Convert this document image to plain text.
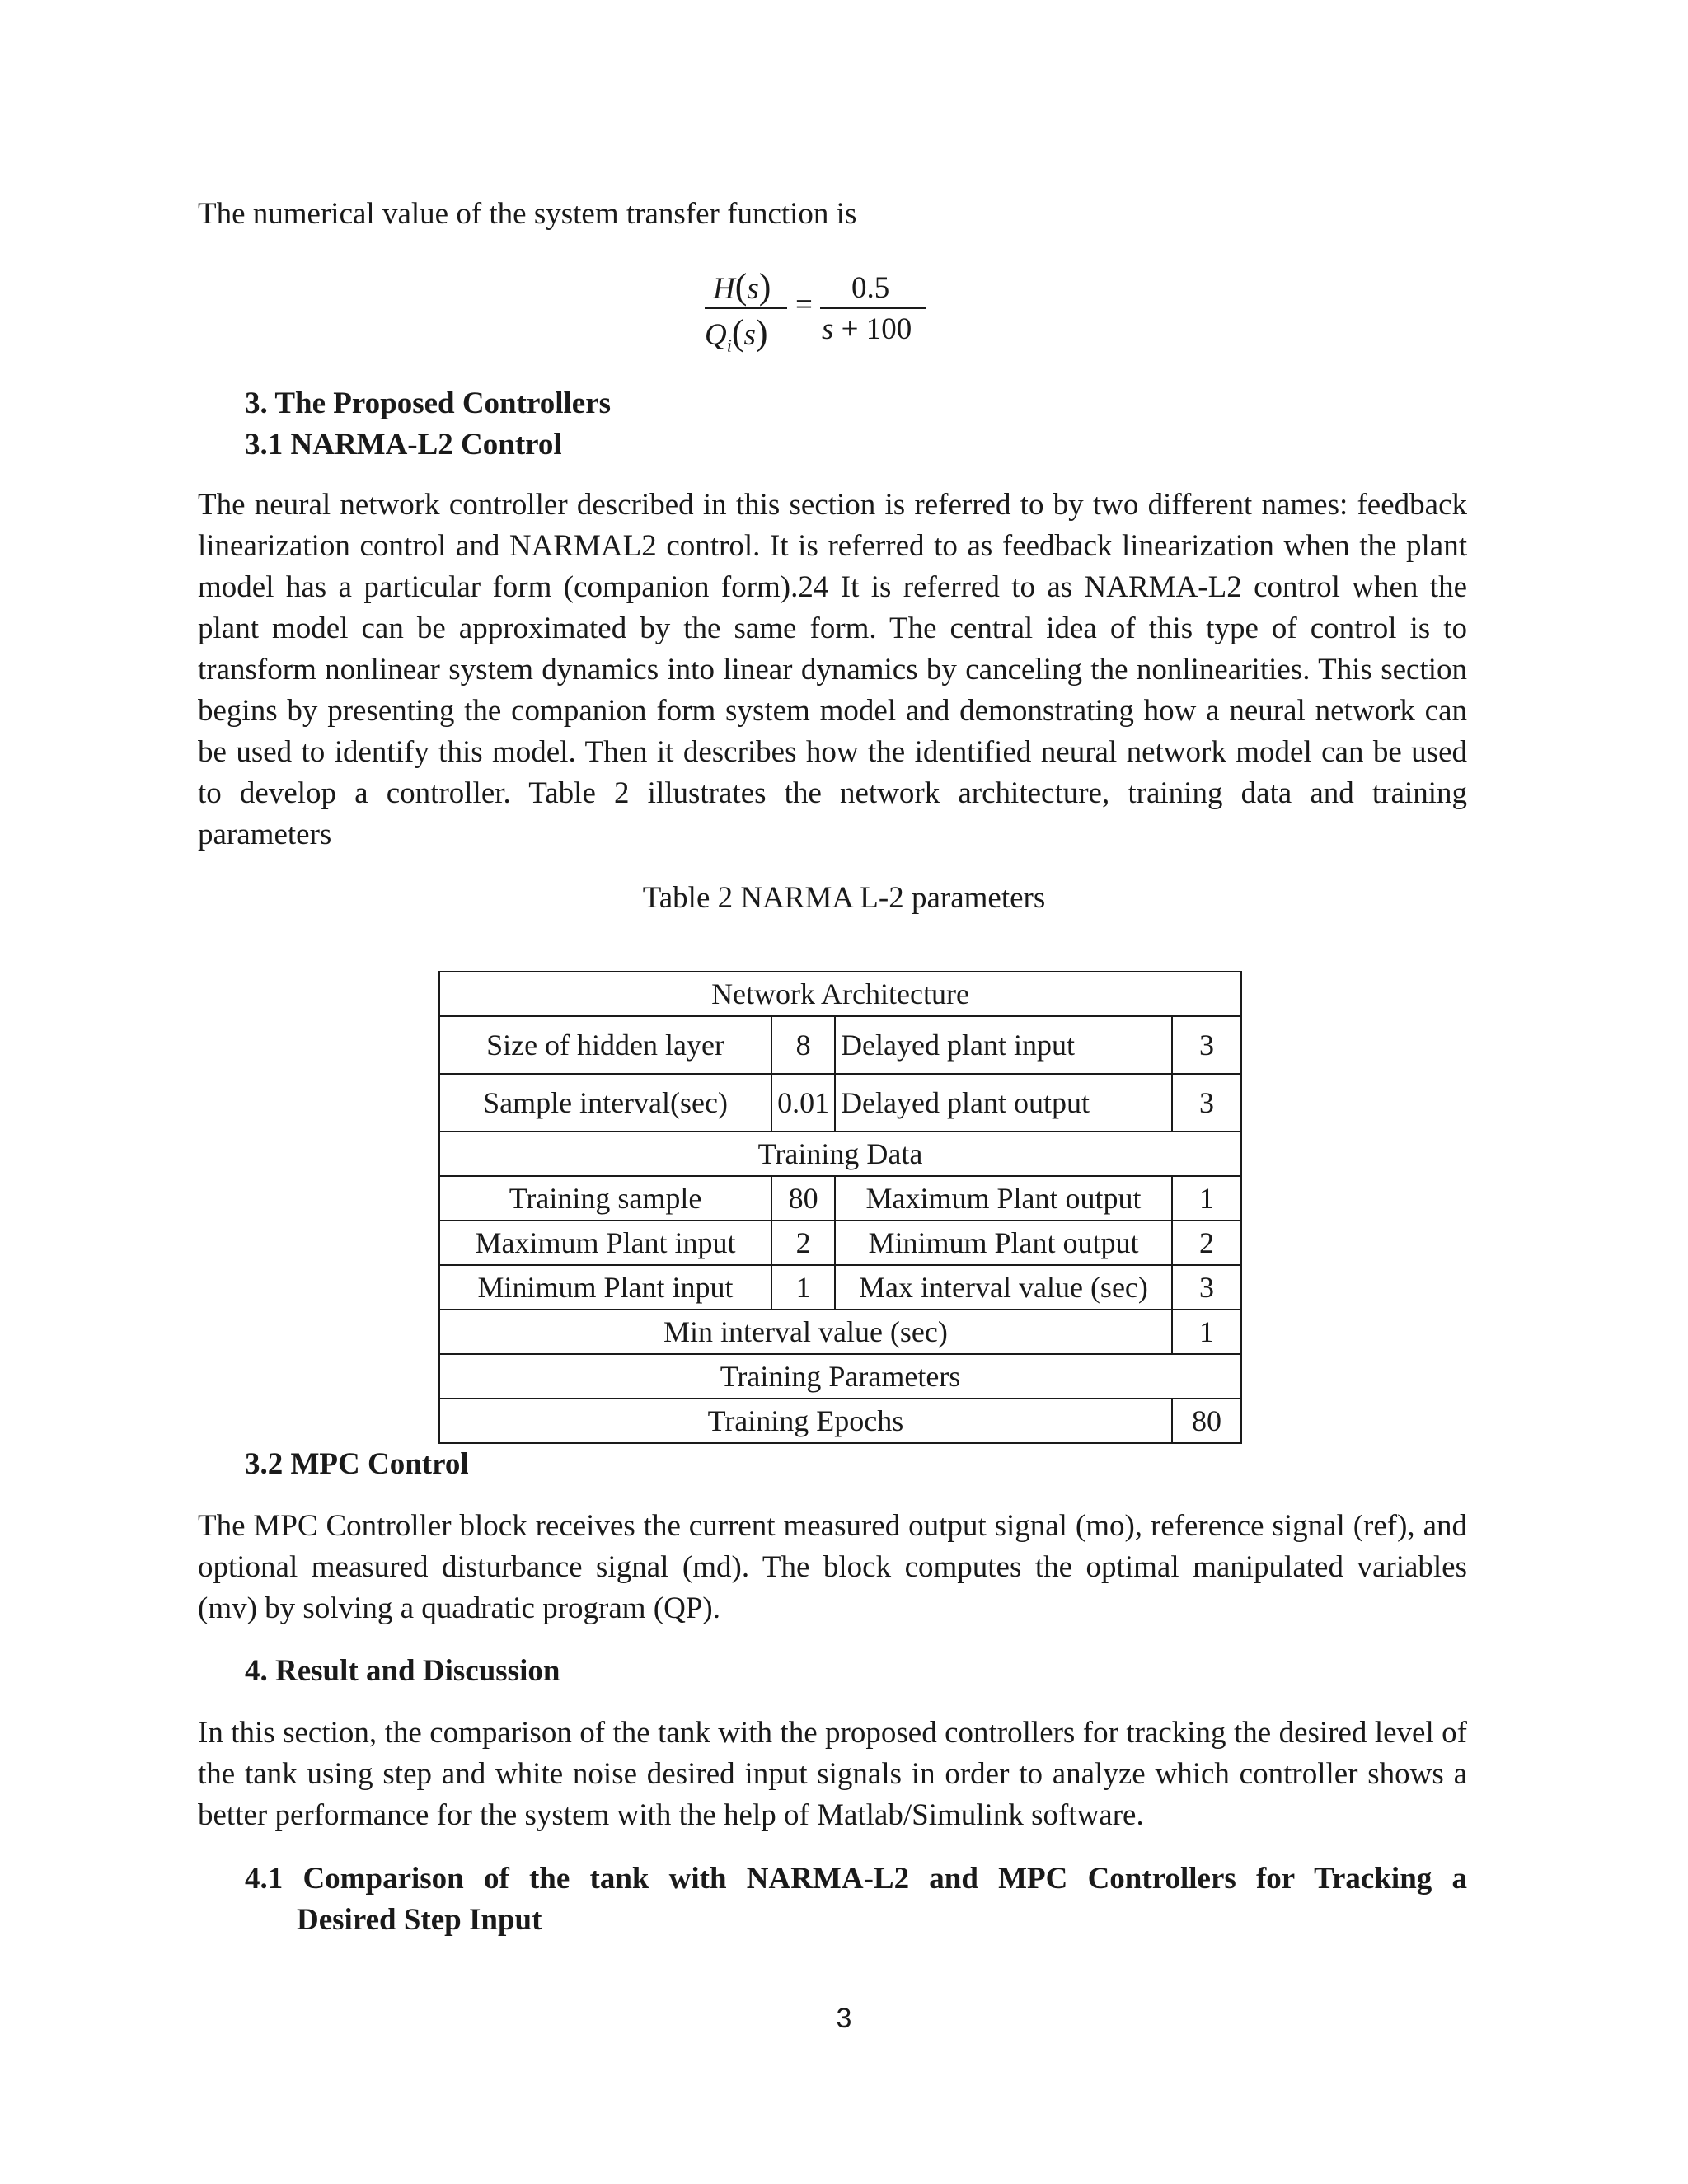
The numerical value of the system transfer function is
H(s)
$Q_i(s)$
= 0.5
s + 100
3. The Proposed Controllers
3.1 NARMA-L2 Control
The neural network controller described in this section is referred to by two different names: feedback linearization control and NARMAL2 control. It is referred to as feedback linearization when the plant model has a particular form (companion form).24 It is referred to as NARMA-L2 control when the plant model can be approximated by the same form. The central idea of this type of control is to transform nonlinear system dynamics into linear dynamics by canceling the nonlinearities. This section begins by presenting the companion form system model and demonstrating how a neural network can be used to identify this model. Then it describes how the identified neural network model can be used to develop a controller. Table 2 illustrates the network architecture, training data and training parameters
Table 2 NARMA L-2 parameters
Network Architecture			
Size of hidden layer	8	Delayed plant input	3
Sample interval(sec)	0.01	Delayed plant output	3
Training Data			
Training sample	80	Maximum Plant output	1
Maximum Plant input	2	Minimum Plant output	2
Minimum Plant input	1	Max interval value (sec)	3
Min interval value (sec)			1
Training Parameters			
Training Epochs			80
3.2 MPC Control
The MPC Controller block receives the current measured output signal (mo), reference signal (ref), and optional measured disturbance signal (md). The block computes the optimal manipulated variables (mv) by solving a quadratic program (QP).
4. Result and Discussion
In this section, the comparison of the tank with the proposed controllers for tracking the desired level of the tank using step and white noise desired input signals in order to analyze which controller shows a better performance for the system with the help of Matlab/Simulink software.
4.1 Comparison of the tank with NARMA-L2 and MPC Controllers for Tracking a
Desired Step Input
3
